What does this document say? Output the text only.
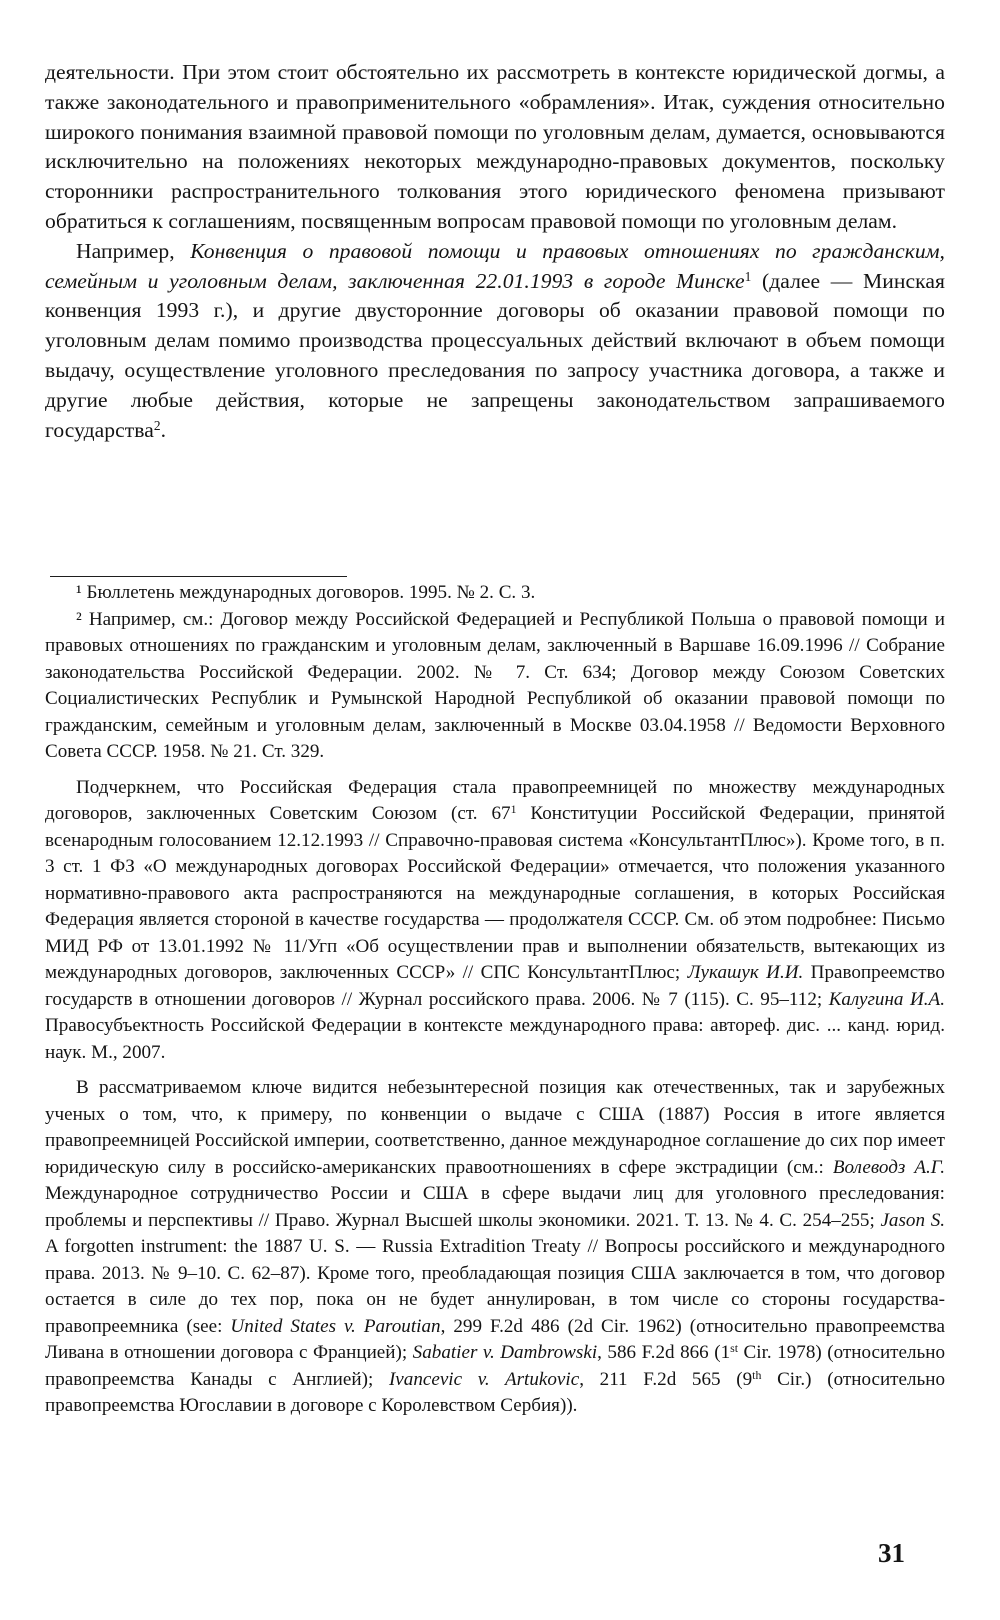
деятельности. При этом стоит обстоятельно их рассмотреть в контексте юридической догмы, а также законодательного и правоприменительного «обрамления». Итак, суждения относительно широкого понимания взаимной правовой помощи по уголовным делам, думается, основываются исключительно на положениях некоторых международно-правовых документов, поскольку сторонники распространительного толкования этого юридического феномена призывают обратиться к соглашениям, посвященным вопросам правовой помощи по уголовным делам.

Например, Конвенция о правовой помощи и правовых отношениях по гражданским, семейным и уголовным делам, заключенная 22.01.1993 в городе Минске$^1$ (далее — Минская конвенция 1993 г.), и другие двусторонние договоры об оказании правовой помощи по уголовным делам помимо производства процессуальных действий включают в объем помощи выдачу, осуществление уголовного преследования по запросу участника договора, а также и другие любые действия, которые не запрещены законодательством запрашиваемого государства$^2$.

¹ Бюллетень международных договоров. 1995. № 2. С. 3.

² Например, см.: Договор между Российской Федерацией и Республикой Польша о правовой помощи и правовых отношениях по гражданским и уголовным делам, заключенный в Варшаве 16.09.1996 // Собрание законодательства Российской Федерации. 2002. № 7. Ст. 634; Договор между Союзом Советских Социалистических Республик и Румынской Народной Республикой об оказании правовой помощи по гражданским, семейным и уголовным делам, заключенный в Москве 03.04.1958 // Ведомости Верховного Совета СССР. 1958. № 21. Ст. 329.

Подчеркнем, что Российская Федерация стала правопреемницей по множеству международных договоров, заключенных Советским Союзом (ст. $67^1$ Конституции Российской Федерации, принятой всенародным голосованием 12.12.1993 // Справочно-правовая система «КонсультантПлюс»). Кроме того, в п. 3 ст. 1 ФЗ «О международных договорах Российской Федерации» отмечается, что положения указанного нормативно-правового акта распространяются на международные соглашения, в которых Российская Федерация является стороной в качестве государства — продолжателя СССР. См. об этом подробнее: Письмо МИД РФ от 13.01.1992 № 11/Угп «Об осуществлении прав и выполнении обязательств, вытекающих из международных договоров, заключенных СССР» // СПС КонсультантПлюс; Лукашук И.И. Правопреемство государств в отношении договоров // Журнал российского права. 2006. № 7 (115). С. 95–112; Калугина И.А. Правосубъектность Российской Федерации в контексте международного права: автореф. дис. ... канд. юрид. наук. М., 2007.

В рассматриваемом ключе видится небезынтересной позиция как отечественных, так и зарубежных ученых о том, что, к примеру, по конвенции о выдаче с США (1887) Россия в итоге является правопреемницей Российской империи, соответственно, данное международное соглашение до сих пор имеет юридическую силу в российско-американских правоотношениях в сфере экстрадиции (см.: Волеводз А.Г. Международное сотрудничество России и США в сфере выдачи лиц для уголовного преследования: проблемы и перспективы // Право. Журнал Высшей школы экономики. 2021. Т. 13. № 4. С. 254–255; Jason S. A forgotten instrument: the 1887 U. S. — Russia Extradition Treaty // Вопросы российского и международного права. 2013. № 9–10. С. 62–87). Кроме того, преобладающая позиция США заключается в том, что договор остается в силе до тех пор, пока он не будет аннулирован, в том числе со стороны государства-правопреемника (see: United States v. Paroutian, 299 F.2d 486 (2d Cir. 1962) (относительно правопреемства Ливана в отношении договора с Францией); Sabatier v. Dambrowski, 586 F.2d 866 (1st Cir. 1978) (относительно правопреемства Канады с Англией); Ivancevic v. Artukovic, 211 F.2d 565 (9th Cir.) (относительно правопреемства Югославии в договоре с Королевством Сербия)).

31
